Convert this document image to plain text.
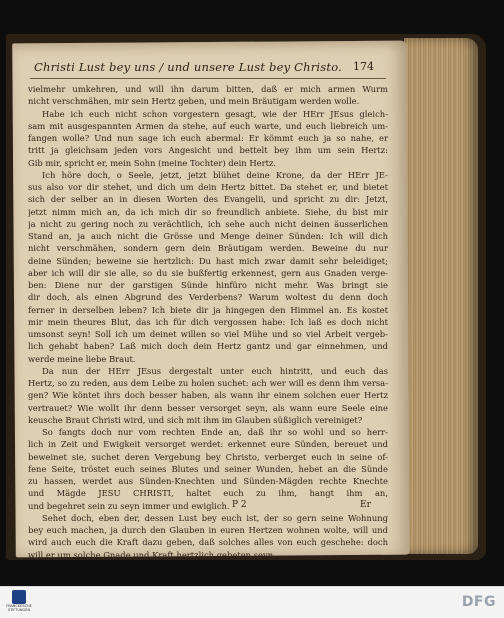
Christi Lust bey uns / und unsere Lust bey Christo. 174
vielmehr umkehren, und will ihn darum bitten, daß er mich armen Wurm
nicht verschmähen, mir sein Hertz geben, und mein Bräutigam werden wolle.
Habe ich euch nicht schon vorgestern gesagt, wie der HErr JEsus gleich-
sam mit ausgespannten Armen da stehe, auf euch warte, und euch liebreich um-
fangen wolle? Und nun sage ich euch abermal: Er kömmt euch ja so nahe, er
tritt ja gleichsam jeden vors Angesicht und bettelt bey ihm um sein Hertz:
Gib mir, spricht er, mein Sohn (meine Tochter) dein Hertz.
Ich höre doch, o Seele, jetzt, jetzt blühet deine Krone, da der HErr JE-
sus also vor dir stehet, und dich um dein Hertz bittet. Da stehet er, und bietet
sich der selber an in diesen Worten des Evangelii, und spricht zu dir: Jetzt,
jetzt nimm mich an, da ich mich dir so freundlich anbiete. Siehe, du bist mir
ja nicht zu gering noch zu verächtlich, ich sehe auch nicht deinen äusserlichen
Stand an, ja auch nicht die Grösse und Menge deiner Sünden: Ich will dich
nicht verschmähen, sondern gern dein Bräutigam werden. Beweine du nur
deine Sünden; beweine sie hertzlich: Du hast mich zwar damit sehr beleidiget;
aber ich will dir sie alle, so du sie bußfertig erkennest, gern aus Gnaden verge-
ben: Diene nur der garstigen Sünde hinfüro nicht mehr. Was bringt sie
dir doch, als einen Abgrund des Verderbens? Warum woltest du denn doch
ferner in derselben leben? Ich biete dir ja hingegen den Himmel an. Es kostet
mir mein theures Blut, das ich für dich vergossen habe: Ich laß es doch nicht
umsonst seyn! Soll ich um deinet willen so viel Mühe und so viel Arbeit vergeb-
lich gehabt haben? Laß mich doch dein Hertz gantz und gar einnehmen, und
werde meine liebe Braut.
Da nun der HErr JEsus dergestalt unter euch hintritt, und euch das
Hertz, so zu reden, aus dem Leibe zu holen suchet: ach wer will es denn ihm versa-
gen? Wie köntet ihrs doch besser haben, als wann ihr einem solchen euer Hertz
vertrauet? Wie wollt ihr denn besser versorget seyn, als wann eure Seele eine
keusche Braut Christi wird, und sich mit ihm im Glauben süßiglich vereiniget?
So fangts doch nur vom rechten Ende an, daß ihr so wohl und so herr-
lich in Zeit und Ewigkeit versorget werdet: erkennet eure Sünden, bereuet und
beweinet sie, suchet deren Vergebung bey Christo, verberget euch in seine of-
fene Seite, tröstet euch seines Blutes und seiner Wunden, hebet an die Sünde
zu hassen, werdet aus Sünden-Knechten und Sünden-Mägden rechte Knechte
und Mägde JESU CHRISTI, haltet euch zu ihm, hangt ihm an,
und begehret sein zu seyn immer und ewiglich.
Sehet doch, eben der, dessen Lust bey euch ist, der so gern seine Wohnung
bey euch machen, ja durch den Glauben in euren Hertzen wohnen wolte, will und
wird auch euch die Kraft dazu geben, daß solches alles von euch geschehe: doch
will er um solche Gnade und Kraft hertzlich gebeten seyn.
P 2	Er
FRANCKESCHE
STIFTUNGEN	DFG
